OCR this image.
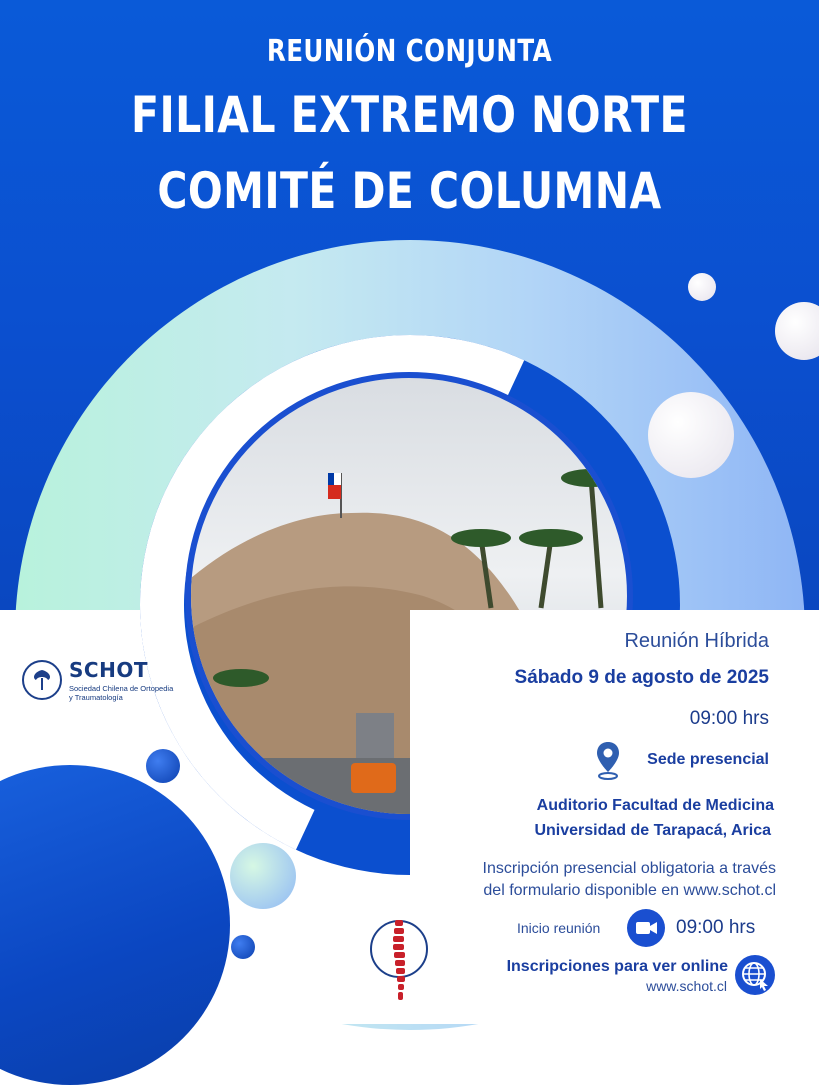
REUNIÓN CONJUNTA
FILIAL EXTREMO NORTE
COMITÉ DE COLUMNA
SCHOT
Sociedad Chilena de Ortopedia y Traumatología
Reunión Híbrida
Sábado 9 de agosto de 2025
09:00 hrs
Sede presencial
Auditorio Facultad de Medicina
Universidad de Tarapacá, Arica
Inscripción presencial obligatoria a través
del formulario disponible en www.schot.cl
Inicio reunión	09:00 hrs
Inscripciones para ver online
www.schot.cl
